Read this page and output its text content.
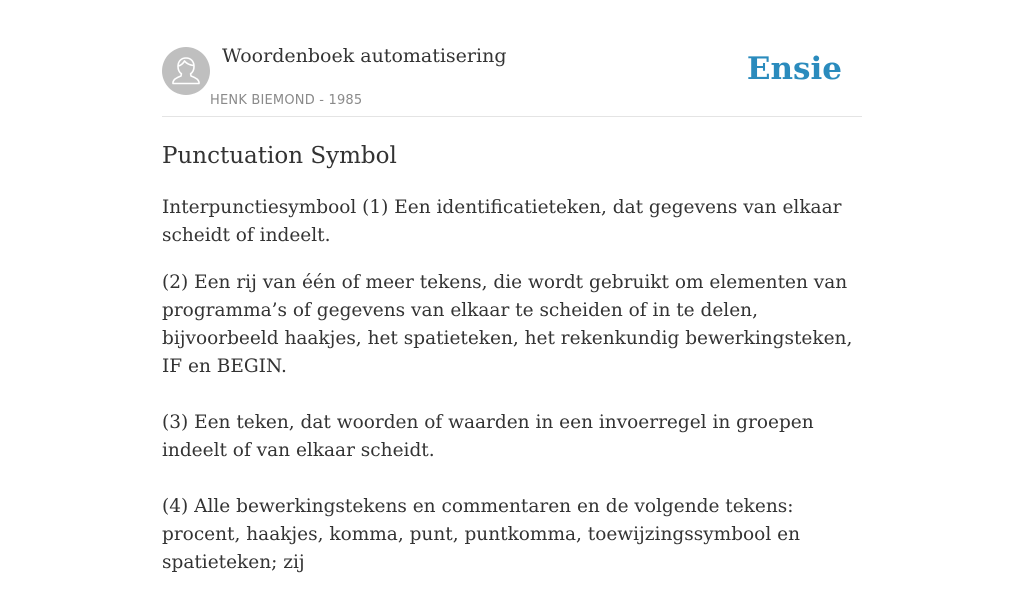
Woordenboek automatisering
HENK BIEMOND - 1985
Ensie
Punctuation Symbol

Interpunctiesymbool (1) Een identificatieteken, dat gegevens van elkaar scheidt of indeelt.

(2) Een rij van één of meer tekens, die wordt gebruikt om elementen van programma’s of gegevens van elkaar te scheiden of in te delen, bijvoorbeeld haakjes, het spatieteken, het rekenkundig bewerkingsteken, IF en BEGIN.

(3) Een teken, dat woorden of waarden in een invoerregel in groepen indeelt of van elkaar scheidt.

(4) Alle bewerkingstekens en commentaren en de volgende tekens: procent, haakjes, komma, punt, puntkomma, toewijzingssymbool en spatieteken; zij
